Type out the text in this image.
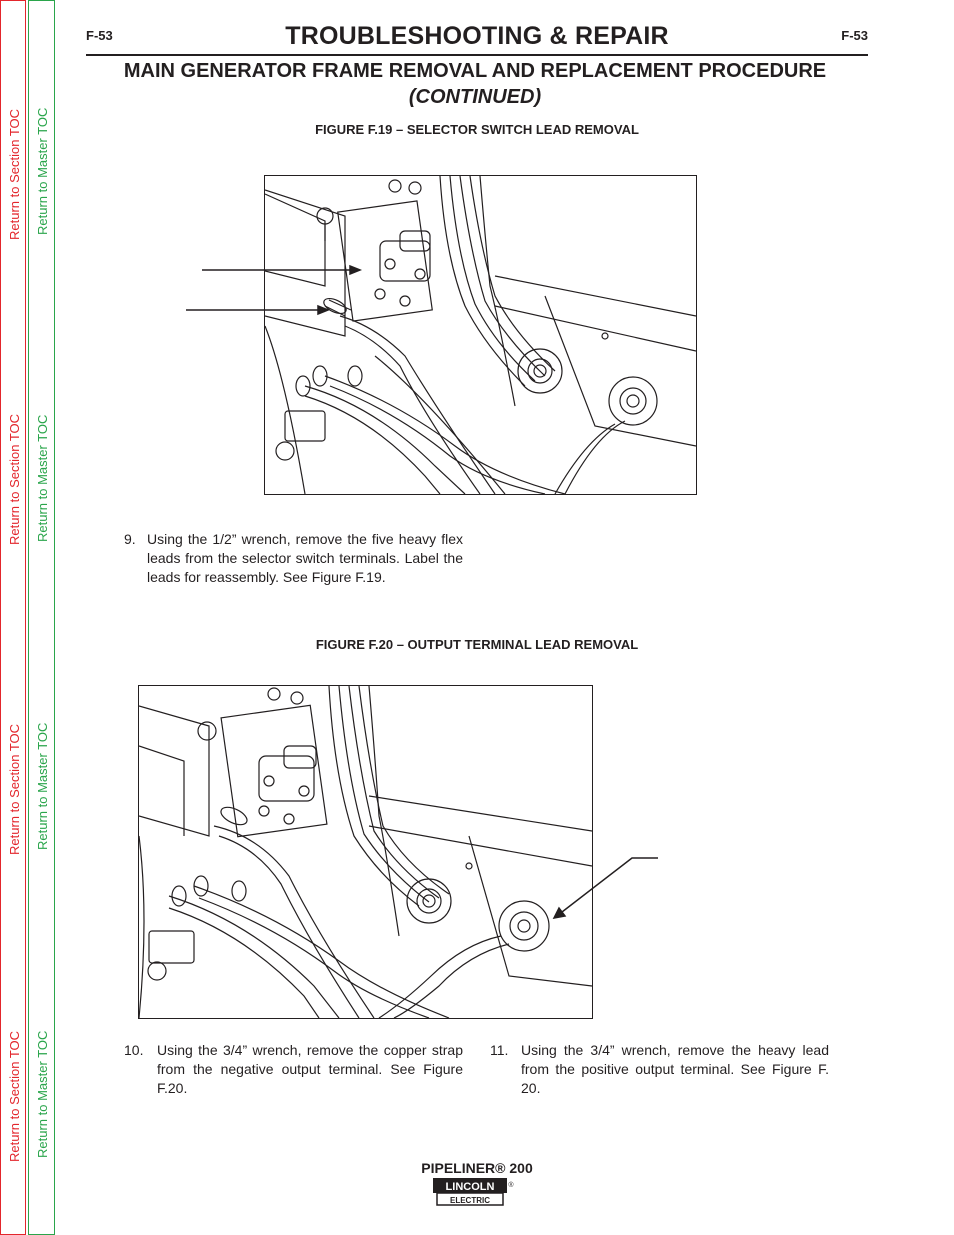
Return to Section TOC
Return to Section TOC
Return to Section TOC
Return to Section TOC
Return to Master TOC
Return to Master TOC
Return to Master TOC
Return to Master TOC
F-53	F-53
TROUBLESHOOTING & REPAIR
MAIN GENERATOR FRAME REMOVAL AND REPLACEMENT PROCEDURE
(CONTINUED)
FIGURE F.19 – SELECTOR SWITCH LEAD REMOVAL
9. Using the 1/2” wrench, remove the five heavy flex leads from the selector switch terminals. Label the leads for reassembly. See Figure F.19.
FIGURE F.20 – OUTPUT TERMINAL LEAD REMOVAL
10. Using the 3/4” wrench, remove the copper strap from the negative output terminal. See Figure F.20.
11. Using the 3/4” wrench, remove the heavy lead from the positive output terminal. See Figure F. 20.
PIPELINER® 200
LINCOLN
ELECTRIC
®
